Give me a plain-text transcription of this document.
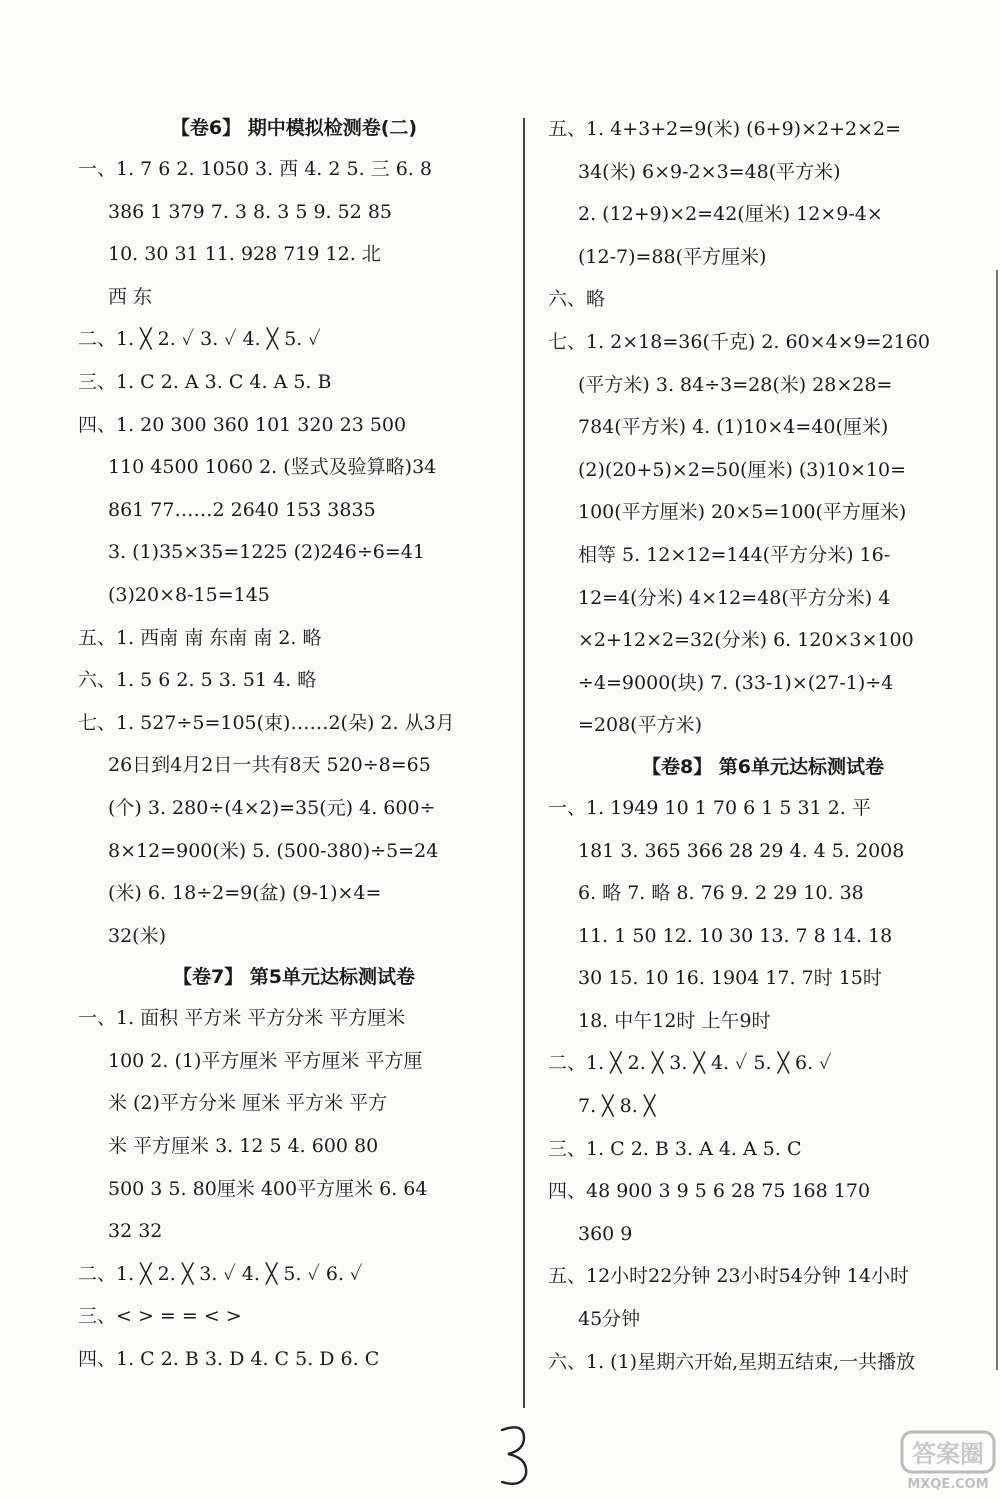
【卷6】 期中模拟检测卷(二)
一、1. 7 6 2. 1050 3. 西 4. 2 5. 三 6. 8
386 1 379 7. 3 8. 3 5 9. 52 85
10. 30 31 11. 928 719 12. 北
西 东
二、1. ╳ 2. ✓ 3. ✓ 4. ╳ 5. ✓
三、1. C 2. A 3. C 4. A 5. B
四、1. 20 300 360 101 320 23 500
110 4500 1060 2. (竖式及验算略)34
861 77……2 2640 153 3835
3. (1)35×35=1225 (2)246÷6=41
(3)20×8-15=145
五、1. 西南 南 东南 南 2. 略
六、1. 5 6 2. 5 3. 51 4. 略
七、1. 527÷5=105(束)……2(朵) 2. 从3月
26日到4月2日一共有8天 520÷8=65
(个) 3. 280÷(4×2)=35(元) 4. 600÷
8×12=900(米) 5. (500-380)÷5=24
(米) 6. 18÷2=9(盆) (9-1)×4=
32(米)
【卷7】 第5单元达标测试卷
一、1. 面积 平方米 平方分米 平方厘米
100 2. (1)平方厘米 平方厘米 平方厘
米 (2)平方分米 厘米 平方米 平方
米 平方厘米 3. 12 5 4. 600 80
500 3 5. 80厘米 400平方厘米 6. 64
32 32
二、1. ╳ 2. ╳ 3. ✓ 4. ╳ 5. ✓ 6. ✓
三、< > = = < >
四、1. C 2. B 3. D 4. C 5. D 6. C
五、1. 4+3+2=9(米) (6+9)×2+2×2=
34(米) 6×9-2×3=48(平方米)
2. (12+9)×2=42(厘米) 12×9-4×
(12-7)=88(平方厘米)
六、略
七、1. 2×18=36(千克) 2. 60×4×9=2160
(平方米) 3. 84÷3=28(米) 28×28=
784(平方米) 4. (1)10×4=40(厘米)
(2)(20+5)×2=50(厘米) (3)10×10=
100(平方厘米) 20×5=100(平方厘米)
相等 5. 12×12=144(平方分米) 16-
12=4(分米) 4×12=48(平方分米) 4
×2+12×2=32(分米) 6. 120×3×100
÷4=9000(块) 7. (33-1)×(27-1)÷4
=208(平方米)
【卷8】 第6单元达标测试卷
一、1. 1949 10 1 70 6 1 5 31 2. 平
181 3. 365 366 28 29 4. 4 5. 2008
6. 略 7. 略 8. 76 9. 2 29 10. 38
11. 1 50 12. 10 30 13. 7 8 14. 18
30 15. 10 16. 1904 17. 7时 15时
18. 中午12时 上午9时
二、1. ╳ 2. ╳ 3. ╳ 4. ✓ 5. ╳ 6. ✓
7. ╳ 8. ╳
三、1. C 2. B 3. A 4. A 5. C
四、48 900 3 9 5 6 28 75 168 170
360 9
五、12小时22分钟 23小时54分钟 14小时
45分钟
六、1. (1)星期六开始,星期五结束,一共播放
答案圈
MXQE.COM
